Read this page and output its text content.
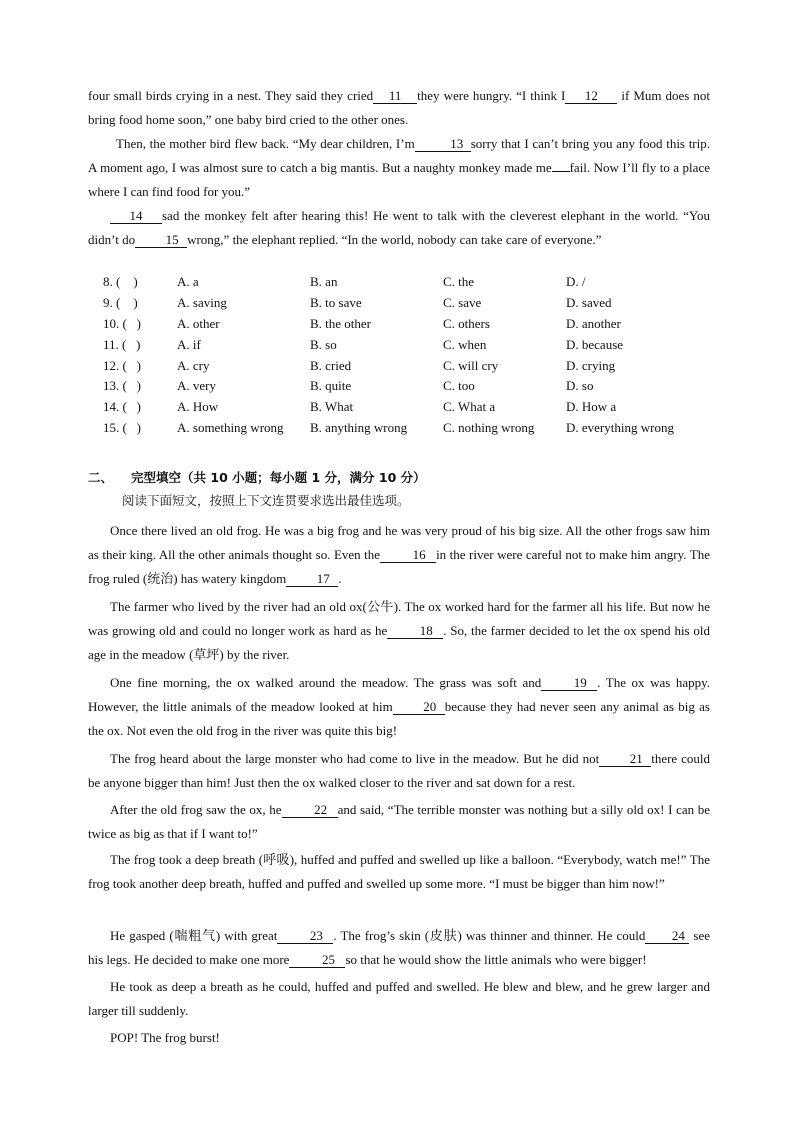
four small birds crying in a nest. They said they cried 11 they were hungry. “I think I 12 if Mum does not bring food home soon,” one baby bird cried to the other ones.

Then, the mother bird flew back. “My dear children, I’m	13 sorry that I can’t bring you any food this trip. A moment ago, I was almost sure to catch a big mantis. But a naughty monkey made me fail. Now I’ll fly to a place where I can find food for you.”

14 sad the monkey felt after hearing this! He went to talk with the cleverest elephant in the world. “You didn’t do 15 wrong,” the elephant replied. “In the world, nobody can take care of everyone.”

8. (    )	A. a	B. an	C. the	D. /
9. (    )	A. saving	B. to save	C. save	D. saved
10. (   )	A. other	B. the other	C. others	D. another
11. (   )	A. if	B. so	C. when	D. because
12. (   )	A. cry	B. cried	C. will cry	D. crying
13. (   )	A. very	B. quite	C. too	D. so
14. (   )	A. How	B. What	C. What a	D. How a
15. (   )	A. something wrong	B. anything wrong	C. nothing wrong	D. everything wrong
二、 完型填空（共 10 小题；每小题 1 分，满分 10 分）
阅读下面短文，按照上下文连贯要求选出最佳选项。

Once there lived an old frog. He was a big frog and he was very proud of his big size. All the other frogs saw him as their king. All the other animals thought so. Even the	16 in the river were careful not to make him angry. The frog ruled (统治) has watery kingdom 17 .

The farmer who lived by the river had an old ox(公牛). The ox worked hard for the farmer all his life. But now he was growing old and could no longer work as hard as he	18 . So, the farmer decided to let the ox spend his old age in the meadow (草坪) by the river.

One fine morning, the ox walked around the meadow. The grass was soft and	19 . The ox was happy. However, the little animals of the meadow looked at him 20 because they had never seen any animal as big as the ox. Not even the old frog in the river was quite this big!

The frog heard about the large monster who had come to live in the meadow. But he did not 21 there could be anyone bigger than him! Just then the ox walked closer to the river and sat down for a rest.

After the old frog saw the ox, he	22 and said, “The terrible monster was nothing but a silly old ox! I can be twice as big as that if I want to!”

The frog took a deep breath (呼吸), huffed and puffed and swelled up like a balloon. “Everybody, watch me!” The frog took another deep breath, huffed and puffed and swelled up some more. “I must be bigger than him now!”

He gasped (喘粗气) with great	23 . The frog’s skin (皮肤) was thinner and thinner. He could 24 see his legs. He decided to make one more	25 so that he would show the little animals who were bigger!

He took as deep a breath as he could, huffed and puffed and swelled. He blew and blew, and he grew larger and larger till suddenly.

POP! The frog burst!
